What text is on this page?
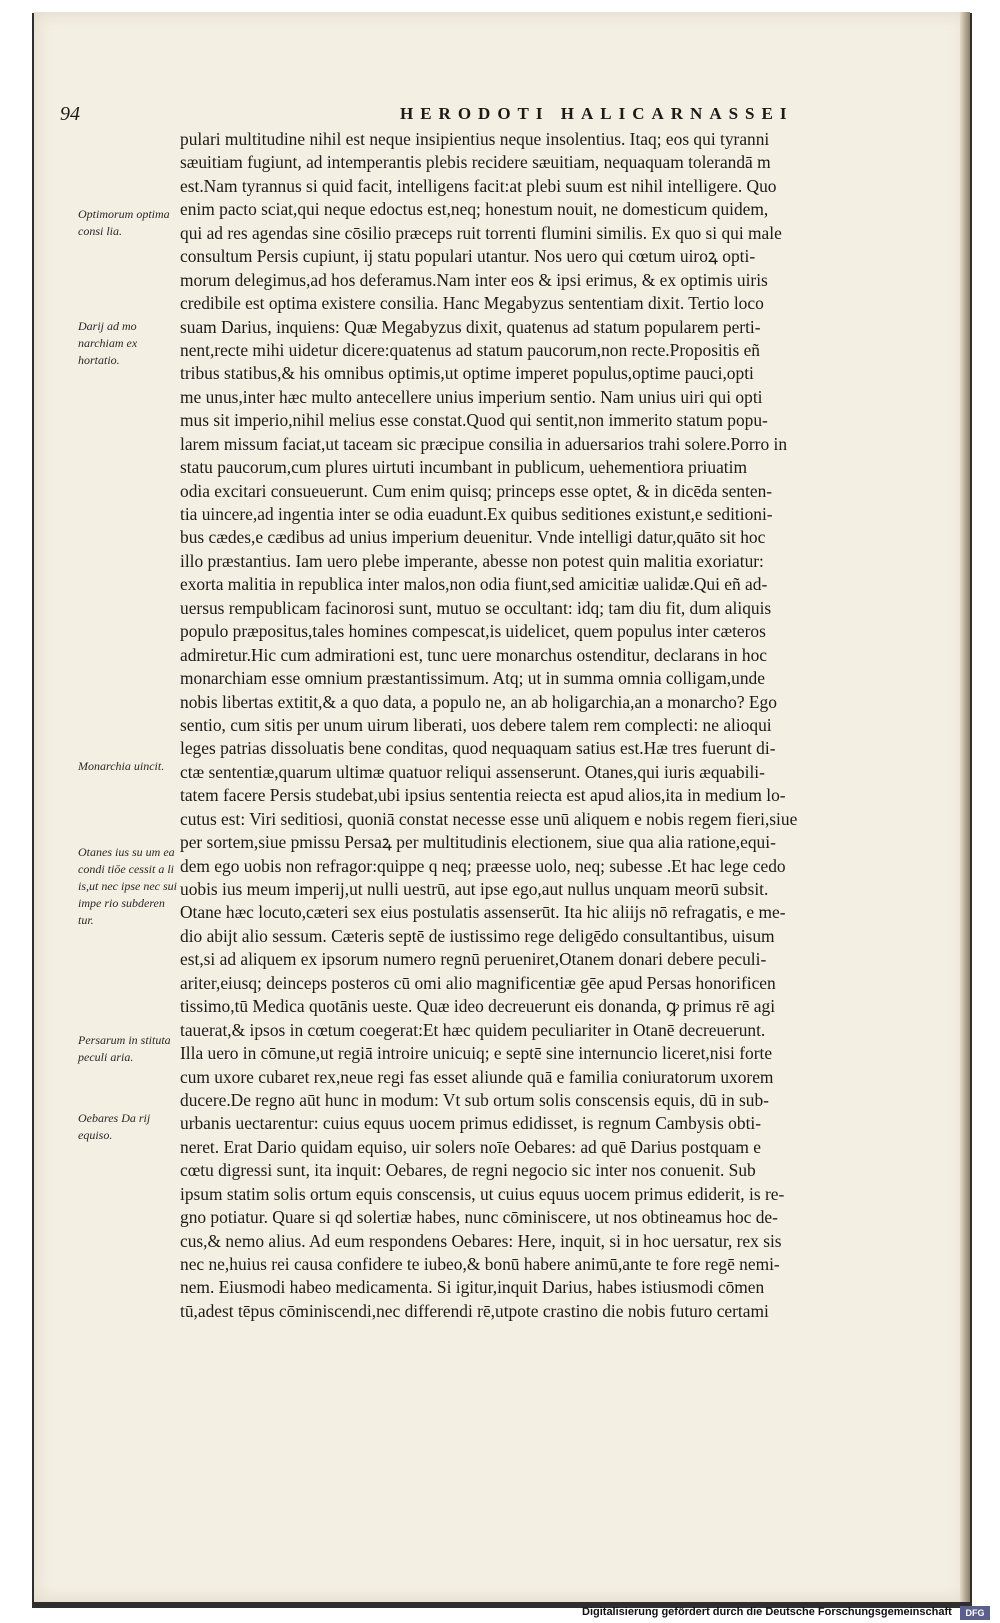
94	HERODOTI HALICARNASSEI
Optimorum optima consi lia.
Darij ad mo narchiam ex hortatio.
Monarchia uincit.
Otanes ius su um ea condi tiōe cessit a li is,ut nec ipse nec sui impe rio subderen tur.
Persarum in stituta peculi aria.
Oebares Da rij equiso.
pulari multitudine nihil est neque insipientius neque insolentius. Itaq; eos qui tyranni
sæuitiam fugiunt, ad intemperantis plebis recidere sæuitiam, nequaquam tolerandā m
est.Nam tyrannus si quid facit, intelligens facit:at plebi suum est nihil intelligere. Quo
enim pacto sciat,qui neque edoctus est,neq; honestum nouit, ne domesticum quidem,
qui ad res agendas sine cōsilio præceps ruit torrenti flumini similis. Ex quo si qui male
consultum Persis cupiunt, ĳ statu populari utantur. Nos uero qui cœtum uiroꝝ opti-
morum delegimus,ad hos deferamus.Nam inter eos & ipsi erimus, & ex optimis uiris
credibile est optima existere consilia. Hanc Megabyzus sententiam dixit. Tertio loco
suam Darius, inquiens: Quæ Megabyzus dixit, quatenus ad statum popularem perti-
nent,recte mihi uidetur dicere:quatenus ad statum paucorum,non recte.Propositis eñ
tribus statibus,& his omnibus optimis,ut optime imperet populus,optime pauci,opti
me unus,inter hæc multo antecellere unius imperium sentio. Nam unius uiri qui opti
mus sit imperio,nihil melius esse constat.Quod qui sentit,non immerito statum popu-
larem missum faciat,ut taceam sic præcipue consilia in aduersarios trahi solere.Porro in
statu paucorum,cum plures uirtuti incumbant in publicum, uehementiora priuatim
odia excitari consueuerunt. Cum enim quisq; princeps esse optet, & in dicēda senten-
tia uincere,ad ingentia inter se odia euadunt.Ex quibus seditiones existunt,e seditioni-
bus cædes,e cædibus ad unius imperium deuenitur. Vnde intelligi datur,quāto sit hoc
illo præstantius. Iam uero plebe imperante, abesse non potest quin malitia exoriatur:
exorta malitia in republica inter malos,non odia fiunt,sed amicitiæ ualidæ.Qui eñ ad-
uersus rempublicam facinorosi sunt, mutuo se occultant: idq; tam diu fit, dum aliquis
populo præpositus,tales homines compescat,is uidelicet, quem populus inter cæteros
admiretur.Hic cum admirationi est, tunc uere monarchus ostenditur, declarans in hoc
monarchiam esse omnium præstantissimum. Atq; ut in summa omnia colligam,unde
nobis libertas extitit,& a quo data, a populo ne, an ab holigarchia,an a monarcho? Ego
sentio, cum sitis per unum uirum liberati, uos debere talem rem complecti: ne alioqui
leges patrias dissoluatis bene conditas, quod nequaquam satius est.Hæ tres fuerunt di-
ctæ sententiæ,quarum ultimæ quatuor reliqui assenserunt. Otanes,qui iuris æquabili-
tatem facere Persis studebat,ubi ipsius sententia reiecta est apud alios,ita in medium lo-
cutus est: Viri seditiosi, quoniā constat necesse esse unū aliquem e nobis regem fieri,siue
per sortem,siue pmissu Persaꝝ per multitudinis electionem, siue qua alia ratione,equi-
dem ego uobis non refragor:quippe q neq; præesse uolo, neq; subesse .Et hac lege cedo
uobis ius meum imperij,ut nulli uestrū, aut ipse ego,aut nullus unquam meorū subsit.
Otane hæc locuto,cæteri sex eius postulatis assenserūt. Ita hic aliĳs nō refragatis, e me-
dio abĳt alio sessum. Cæteris septē de iustissimo rege deligēdo consultantibus, uisum
est,si ad aliquem ex ipsorum numero regnū perueniret,Otanem donari debere peculi-
ariter,eiusq; deinceps posteros cū omi alio magnificentiæ gēe apud Persas honorificen
tissimo,tū Medica quotānis ueste. Quæ ideo decreuerunt eis donanda, ꝙ primus rē agi
tauerat,& ipsos in cœtum coegerat:Et hæc quidem peculiariter in Otanē decreuerunt.
Illa uero in cōmune,ut regiā introire unicuiq; e septē sine internuncio liceret,nisi forte
cum uxore cubaret rex,neue regi fas esset aliunde quā e familia coniuratorum uxorem
ducere.De regno aūt hunc in modum: Vt sub ortum solis conscensis equis, dū in sub-
urbanis uectarentur: cuius equus uocem primus edidisset, is regnum Cambysis obti-
neret. Erat Dario quidam equiso, uir solers noīe Oebares: ad quē Darius postquam e
cœtu digressi sunt, ita inquit: Oebares, de regni negocio sic inter nos conuenit. Sub
ipsum statim solis ortum equis conscensis, ut cuius equus uocem primus ediderit, is re-
gno potiatur. Quare si qd solertiæ habes, nunc cōminiscere, ut nos obtineamus hoc de-
cus,& nemo alius. Ad eum respondens Oebares: Here, inquit, si in hoc uersatur, rex sis
nec ne,huius rei causa confidere te iubeo,& bonū habere animū,ante te fore regē nemi-
nem. Eiusmodi habeo medicamenta. Si igitur,inquit Darius, habes istiusmodi cōmen
tū,adest tēpus cōminiscendi,nec differendi rē,utpote crastino die nobis futuro certami
Digitalisierung gefördert durch die Deutsche Forschungsgemeinschaft	DFG
